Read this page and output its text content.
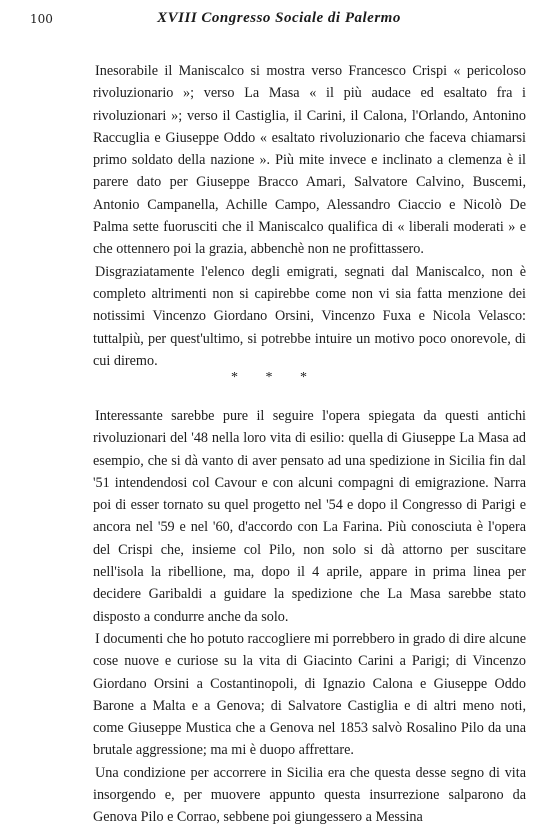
100	XVIII Congresso Sociale di Palermo

Inesorabile il Maniscalco si mostra verso Francesco Crispi « pericoloso rivoluzionario »; verso La Masa « il più audace ed esaltato fra i rivoluzionari »; verso il Castiglia, il Carini, il Calona, l'Orlando, Antonino Raccuglia e Giuseppe Oddo « esaltato rivoluzionario che faceva chiamarsi primo soldato della nazione ». Più mite invece e inclinato a clemenza è il parere dato per Giuseppe Bracco Amari, Salvatore Calvino, Buscemi, Antonio Campanella, Achille Campo, Alessandro Ciaccio e Nicolò De Palma sette fuorusciti che il Maniscalco qualifica di « liberali moderati » e che ottennero poi la grazia, abbenchè non ne profittassero.

Disgraziatamente l'elenco degli emigrati, segnati dal Maniscalco, non è completo altrimenti non si capirebbe come non vi sia fatta menzione dei notissimi Vincenzo Giordano Orsini, Vincenzo Fuxa e Nicola Velasco: tuttalpiù, per quest'ultimo, si potrebbe intuire un motivo poco onorevole, di cui diremo.

* * *

Interessante sarebbe pure il seguire l'opera spiegata da questi antichi rivoluzionari del '48 nella loro vita di esilio: quella di Giuseppe La Masa ad esempio, che si dà vanto di aver pensato ad una spedizione in Sicilia fin dal '51 intendendosi col Cavour e con alcuni compagni di emigrazione. Narra poi di esser tornato su quel progetto nel '54 e dopo il Congresso di Parigi e ancora nel '59 e nel '60, d'accordo con La Farina. Più conosciuta è l'opera del Crispi che, insieme col Pilo, non solo si dà attorno per suscitare nell'isola la ribellione, ma, dopo il 4 aprile, appare in prima linea per decidere Garibaldi a guidare la spedizione che La Masa sarebbe stato disposto a condurre anche da solo.

I documenti che ho potuto raccogliere mi porrebbero in grado di dire alcune cose nuove e curiose su la vita di Giacinto Carini a Parigi; di Vincenzo Giordano Orsini a Costantinopoli, di Ignazio Calona e Giuseppe Oddo Barone a Malta e a Genova; di Salvatore Castiglia e di altri meno noti, come Giuseppe Mustica che a Genova nel 1853 salvò Rosalino Pilo da una brutale aggressione; ma mi è duopo affrettare.

Una condizione per accorrere in Sicilia era che questa desse segno di vita insorgendo e, per muovere appunto questa insurrezione salparono da Genova Pilo e Corrao, sebbene poi giungessero a Messina
